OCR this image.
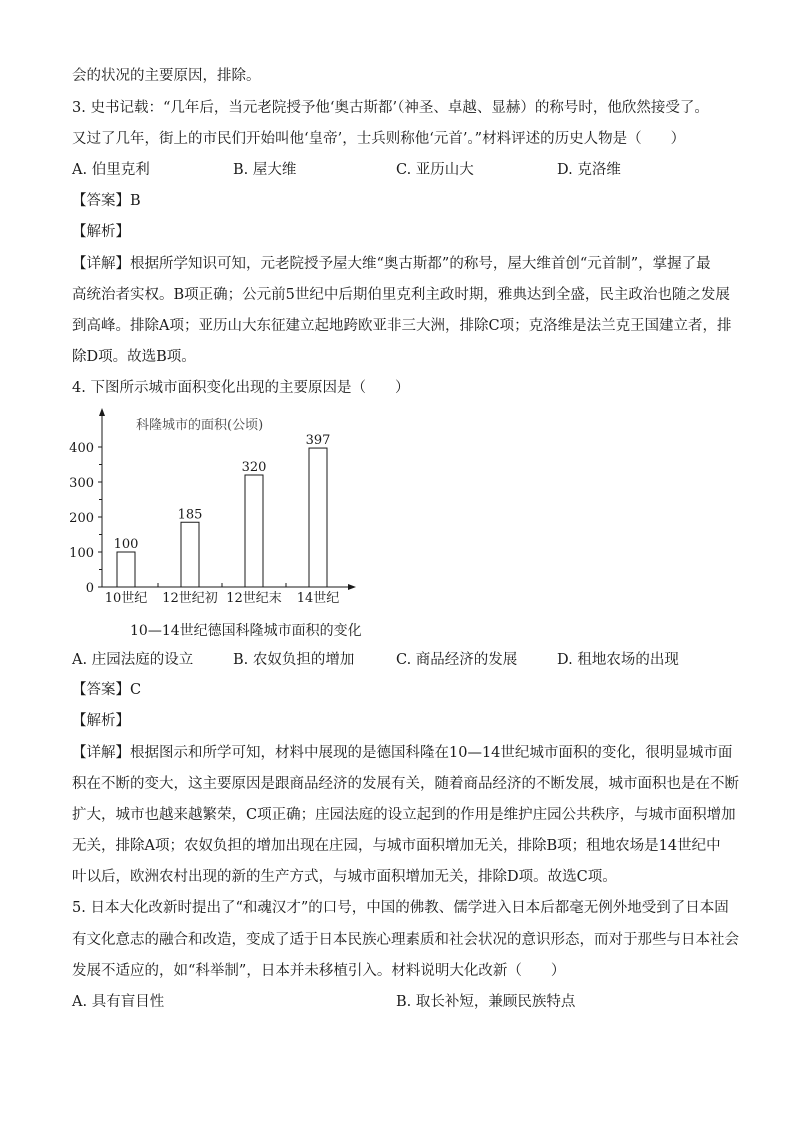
会的状况的主要原因，排除。
3. 史书记载：“几年后，当元老院授予他‘奥古斯都’（神圣、卓越、显赫）的称号时，他欣然接受了。
又过了几年，街上的市民们开始叫他‘皇帝’，士兵则称他‘元首’。”材料评述的历史人物是（　　）
A. 伯里克利	B. 屋大维	C. 亚历山大	D. 克洛维
【答案】B
【解析】
【详解】根据所学知识可知，元老院授予屋大维“奥古斯都”的称号，屋大维首创“元首制”，掌握了最
高统治者实权。B项正确；公元前5世纪中后期伯里克利主政时期，雅典达到全盛，民主政治也随之发展
到高峰。排除A项；亚历山大东征建立起地跨欧亚非三大洲，排除C项；克洛维是法兰克王国建立者，排
除D项。故选B项。
4. 下图所示城市面积变化出现的主要原因是（　　）
科隆城市的面积(公顷)
0
100
200
300
400
100
10世纪
185
12世纪初
320
12世纪末
397
14世纪
10—14世纪德国科隆城市面积的变化
A. 庄园法庭的设立	B. 农奴负担的增加	C. 商品经济的发展	D. 租地农场的出现
【答案】C
【解析】
【详解】根据图示和所学可知，材料中展现的是德国科隆在10—14世纪城市面积的变化，很明显城市面
积在不断的变大，这主要原因是跟商品经济的发展有关，随着商品经济的不断发展，城市面积也是在不断
扩大，城市也越来越繁荣，C项正确；庄园法庭的设立起到的作用是维护庄园公共秩序，与城市面积增加
无关，排除A项；农奴负担的增加出现在庄园，与城市面积增加无关，排除B项；租地农场是14世纪中
叶以后，欧洲农村出现的新的生产方式，与城市面积增加无关，排除D项。故选C项。
5. 日本大化改新时提出了“和魂汉才”的口号，中国的佛教、儒学进入日本后都毫无例外地受到了日本固
有文化意志的融合和改造，变成了适于日本民族心理素质和社会状况的意识形态，而对于那些与日本社会
发展不适应的，如“科举制”，日本并未移植引入。材料说明大化改新（　　）
A. 具有盲目性	B. 取长补短，兼顾民族特点
